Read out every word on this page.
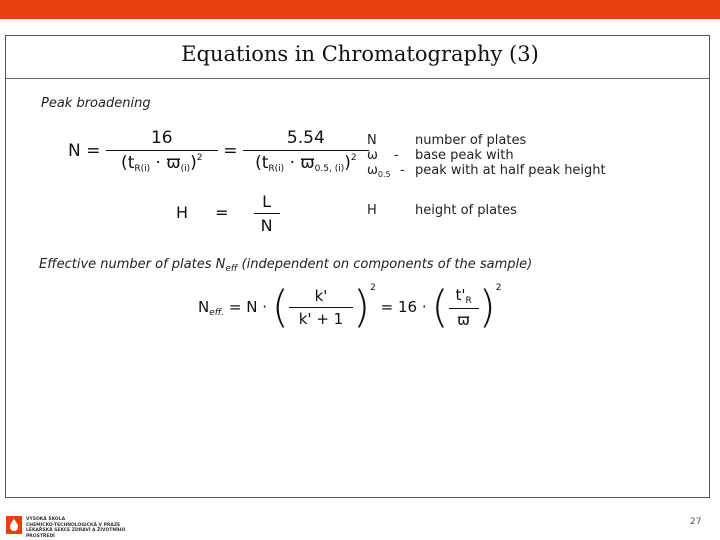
Equations in Chromatography (3)
Peak broadening
$N = \frac{16}{(t_{R(i)} \cdot ϖ_{(i)})^2} = \frac{5.54}{(t_{R(i)} \cdot ϖ_{0.5, (i)})^2}$
N	number of plates
ω - base peak with
$\omega_{0.5}$ - peak with at half peak height
$H = \frac{L}{N}$	H	height of plates
Effective number of plates $N_{eff}$ (independent on components of the sample)
$N_{eff.} = N$ · ( $\frac{k'}{k' + 1} )^2 = 16$ · ( $\frac{t'_R}{ϖ} )^2$
VYSOKÁ ŠKOLA
CHEMICKO-TECHNOLOGICKÁ V PRAZE
LÉKAŘSKÁ SEKCE ZDRAVÍ A ŽIVOTNÍHO PROSTŘEDÍ
27
